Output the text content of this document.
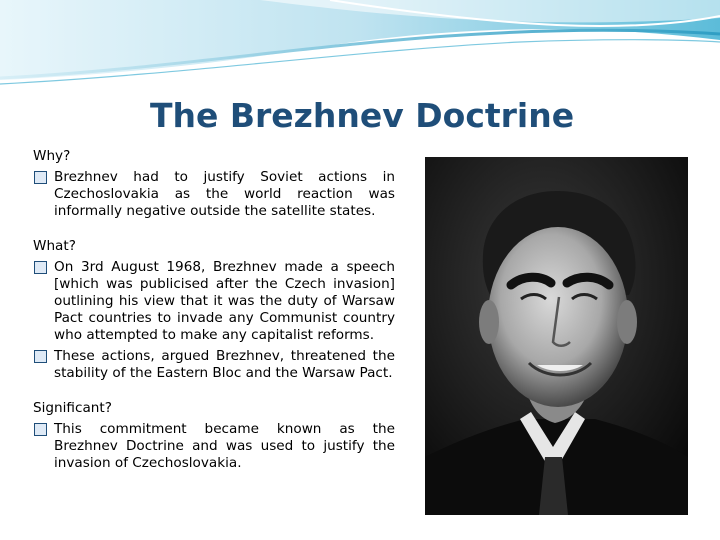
The Brezhnev Doctrine
Why?
Brezhnev had to justify Soviet actions in Czechoslovakia as the world reaction was informally negative outside the satellite states.
What?
On 3rd August 1968, Brezhnev made a speech [which was publicised after the Czech invasion] outlining his view that it was the duty of Warsaw Pact countries to invade any Communist country who attempted to make any capitalist reforms.
These actions, argued Brezhnev, threatened the stability of the Eastern Bloc and the Warsaw Pact.
Significant?
This commitment became known as the Brezhnev Doctrine and was used to justify the invasion of Czechoslovakia.
